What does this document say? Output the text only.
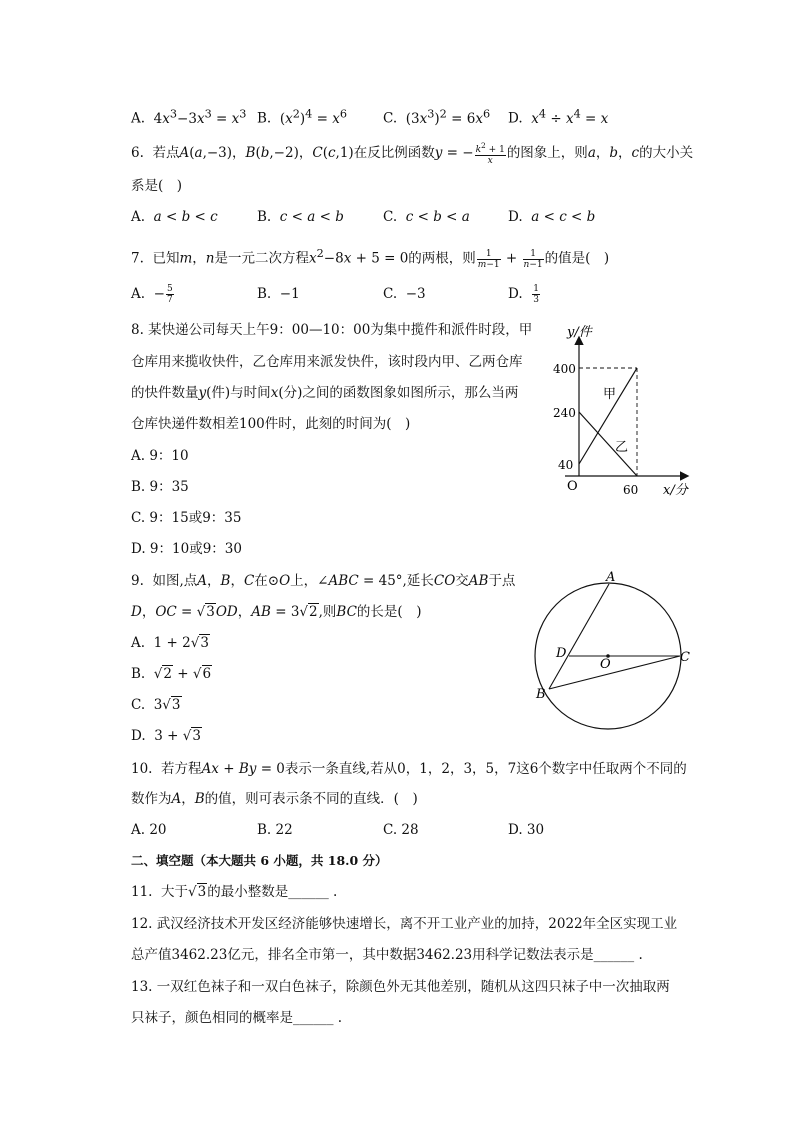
A. $4x^3-3x^3 = x^3$ B. $(x^2)^4 = x^6$	C. $(3x^3)^2 = 6x^6$ D. $x^4 \div x^4 = x$
6.  若点A(a,−3)，B(b,−2)，C(c,1)在反比例函数y = − $\frac{k^2 + 1}{x}$ 的图象上，则a，b，c的大小关
系是(　)
A.  a < b < c	B.  c < a < b	C.  c < b < a	D.  a < c < b
7.  已知m，n是一元二次方程$x^2-8x + 5 = 0$的两根，则 $\frac{1}{m-1} + \frac{1}{n-1}$ 的值是(　)
A.  − $\frac{5}{7}$	B.  −1	C.  −3	D. $\frac{1}{3}$
8. 某快递公司每天上午9：00—10：00为集中揽件和派件时段，甲
仓库用来揽收快件，乙仓库用来派发快件，该时段内甲、乙两仓库
的快件数量y(件)与时间x(分)之间的函数图象如图所示，那么当两
仓库快递件数相差100件时，此刻的时间为(　)
A. 9：10
B. 9：35
C. 9：15或9：35
D. 9：10或9：30
y/件
x/分
O
400
240
40
60
甲
乙
9.  如图,点A，B，C在⊙O上，∠ABC = 45°,延长CO交AB于点
D，OC = √3OD，AB = 3√2,则BC的长是(　)
A.  1 + 2√3
B.  √2 + √6
C.  3√3
D.  3 + √3
A
B
C
D
O
10.  若方程Ax + By = 0表示一条直线,若从0，1，2，3，5，7这6个数字中任取两个不同的
数作为A，B的值，则可表示条不同的直线．(　)
A. 20	B. 22	C. 28	D. 30
二、填空题（本大题共 6 小题，共 18.0 分）
11.  大于√3的最小整数是______ .
12. 武汉经济技术开发区经济能够快速增长，离不开工业产业的加持，2022年全区实现工业
总产值3462.23亿元，排名全市第一，其中数据3462.23用科学记数法表示是______ .
13. 一双红色袜子和一双白色袜子，除颜色外无其他差别，随机从这四只袜子中一次抽取两
只袜子，颜色相同的概率是______ .
